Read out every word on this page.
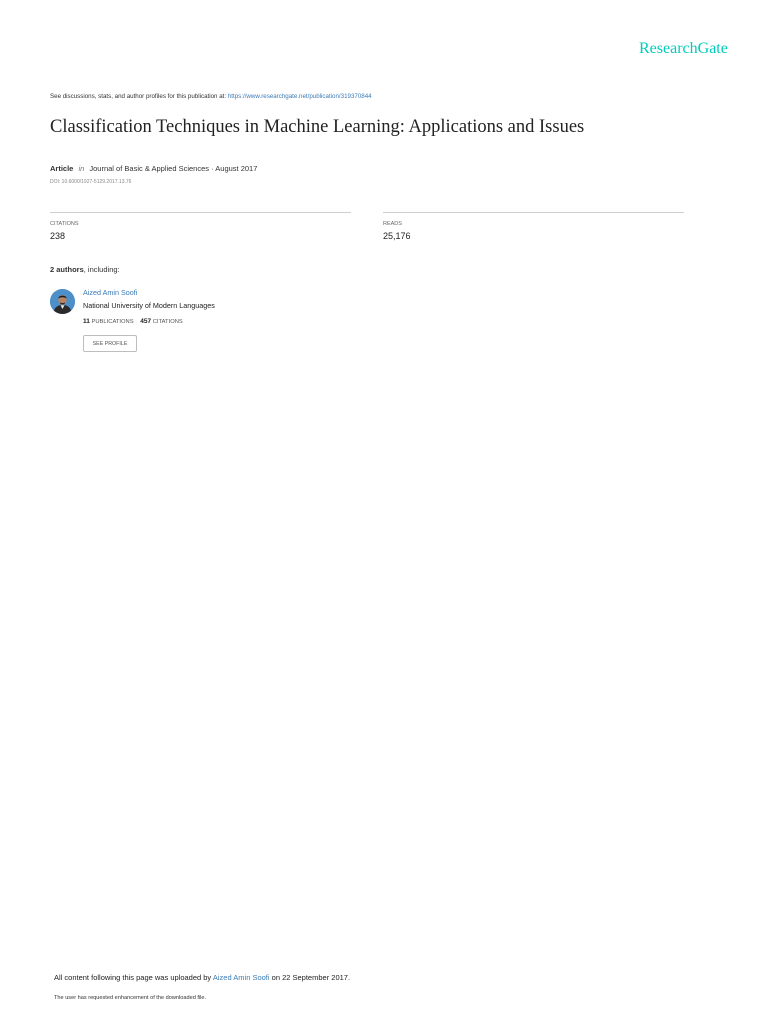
ResearchGate
See discussions, stats, and author profiles for this publication at: https://www.researchgate.net/publication/319370844
Classification Techniques in Machine Learning: Applications and Issues
Article in Journal of Basic & Applied Sciences · August 2017
DOI: 10.6000/1927-5129.2017.13.76
CITATIONS
238
READS
25,176
2 authors, including:
Aized Amin Soofi
National University of Modern Languages
11 PUBLICATIONS 457 CITATIONS
SEE PROFILE
All content following this page was uploaded by Aized Amin Soofi on 22 September 2017.
The user has requested enhancement of the downloaded file.
